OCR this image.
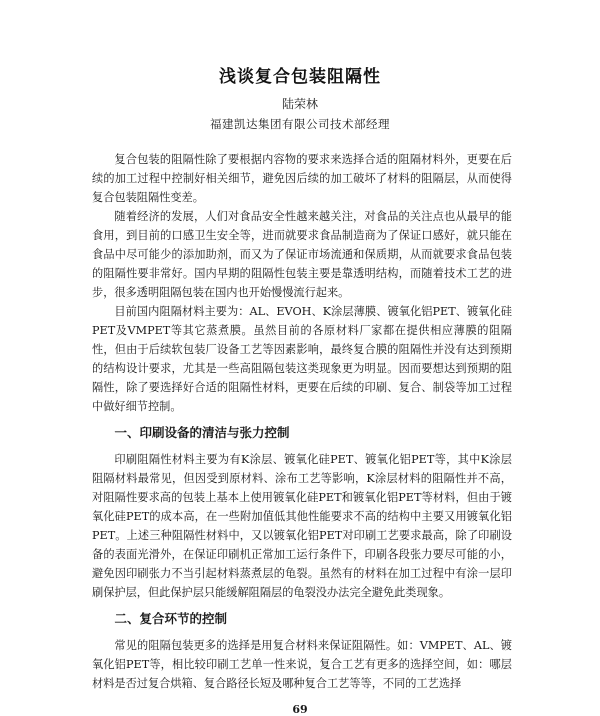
浅谈复合包装阻隔性
陆荣林
福建凯达集团有限公司技术部经理

复合包装的阻隔性除了要根据内容物的要求来选择合适的阻隔材料外，更要在后续的加工过程中控制好相关细节，避免因后续的加工破坏了材料的阻隔层，从而使得复合包装阻隔性变差。

随着经济的发展，人们对食品安全性越来越关注，对食品的关注点也从最早的能食用，到目前的口感卫生安全等，进而就要求食品制造商为了保证口感好，就只能在食品中尽可能少的添加助剂，而又为了保证市场流通和保质期，从而就要求食品包装的阻隔性要非常好。国内早期的阻隔性包装主要是靠透明结构，而随着技术工艺的进步，很多透明阻隔包装在国内也开始慢慢流行起来。

目前国内阻隔材料主要为：AL、EVOH、K涂层薄膜、镀氧化铝PET、镀氧化硅PET及VMPET等其它蒸煮膜。虽然目前的各原材料厂家都在提供相应薄膜的阻隔性，但由于后续软包装厂设备工艺等因素影响，最终复合膜的阻隔性并没有达到预期的结构设计要求，尤其是一些高阻隔包装这类现象更为明显。因而要想达到预期的阻隔性，除了要选择好合适的阻隔性材料，更要在后续的印刷、复合、制袋等加工过程中做好细节控制。

一、印刷设备的清洁与张力控制

印刷阻隔性材料主要为有K涂层、镀氧化硅PET、镀氧化铝PET等，其中K涂层阻隔材料最常见，但因受到原材料、涂布工艺等影响，K涂层材料的阻隔性并不高，对阻隔性要求高的包装上基本上使用镀氧化硅PET和镀氧化铝PET等材料，但由于镀氧化硅PET的成本高，在一些附加值低其他性能要求不高的结构中主要又用镀氧化铝PET。上述三种阻隔性材料中，又以镀氧化铝PET对印刷工艺要求最高，除了印刷设备的表面光滑外，在保证印刷机正常加工运行条件下，印刷各段张力要尽可能的小，避免因印刷张力不当引起材料蒸煮层的龟裂。虽然有的材料在加工过程中有涂一层印刷保护层，但此保护层只能缓解阻隔层的龟裂没办法完全避免此类现象。

二、复合环节的控制

常见的阻隔包装更多的选择是用复合材料来保证阻隔性。如：VMPET、AL、镀氧化铝PET等，相比较印刷工艺单一性来说，复合工艺有更多的选择空间，如：哪层材料是否过复合烘箱、复合路径长短及哪种复合工艺等等，不同的工艺选择

69
